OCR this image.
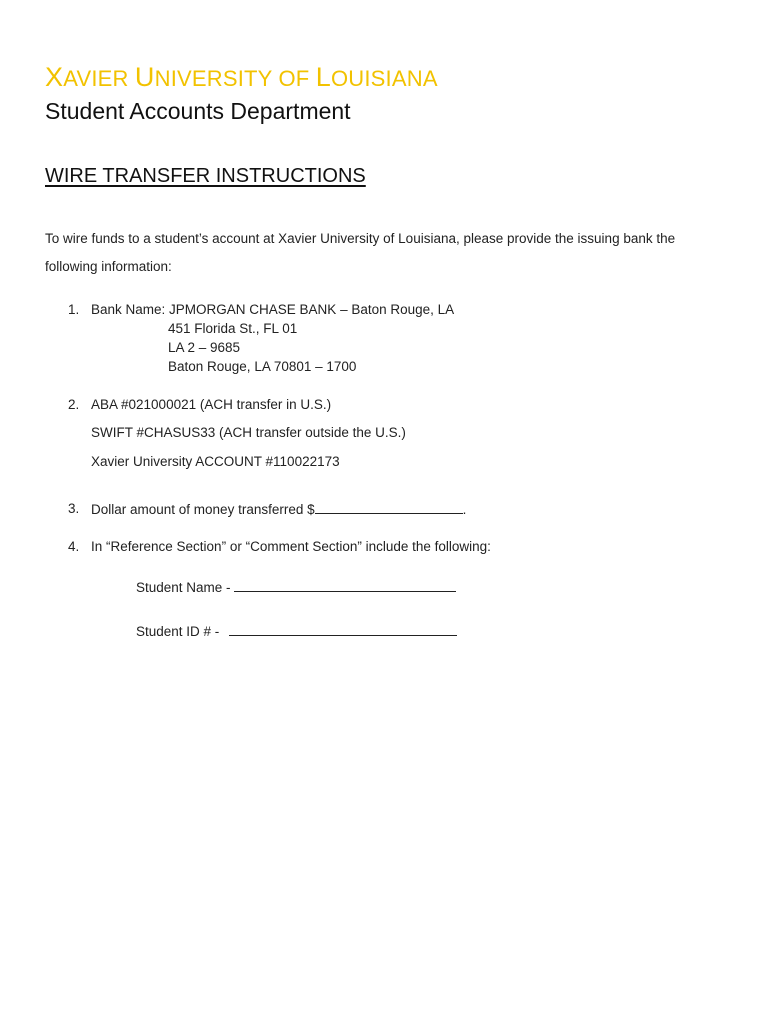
XAVIER UNIVERSITY OF LOUISIANA
Student Accounts Department
WIRE TRANSFER INSTRUCTIONS
To wire funds to a student’s account at Xavier University of Louisiana, please provide the issuing bank the following information:
1. Bank Name: JPMORGAN CHASE BANK – Baton Rouge, LA
451 Florida St., FL 01
LA 2 – 9685
Baton Rouge, LA 70801 – 1700
2. ABA #021000021 (ACH transfer in U.S.)
SWIFT #CHASUS33 (ACH transfer outside the U.S.)
Xavier University ACCOUNT #110022173
3. Dollar amount of money transferred $	.
4. In “Reference Section” or “Comment Section” include the following:
Student Name -
Student ID # -
